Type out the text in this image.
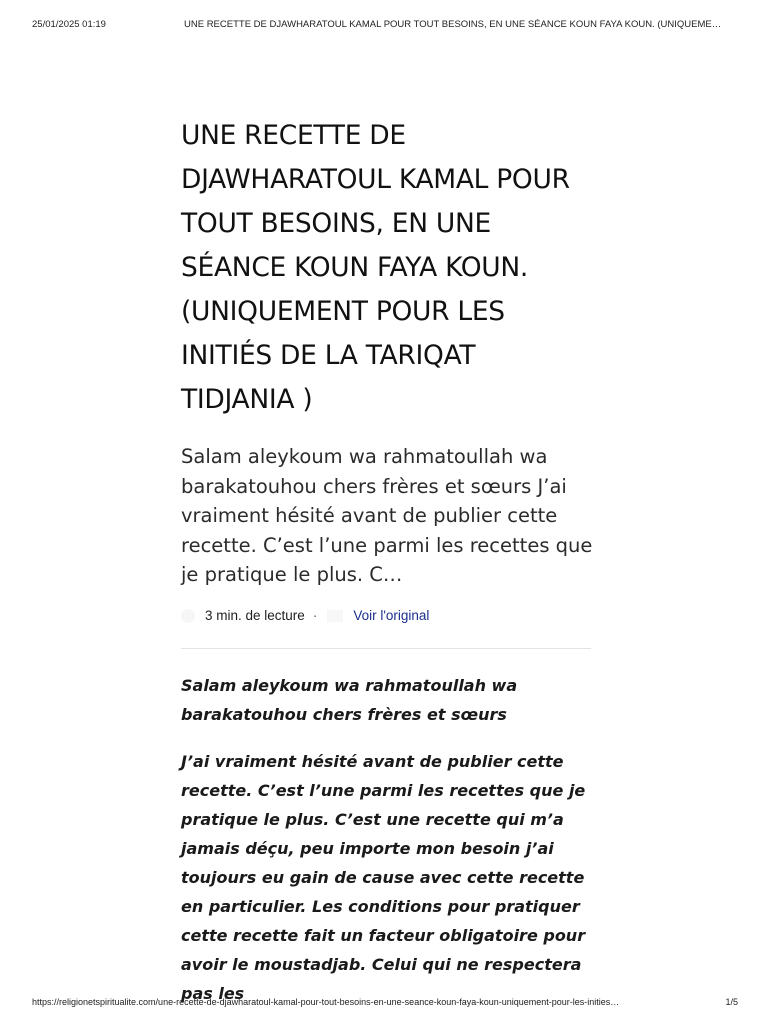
25/01/2025 01:19	UNE RECETTE DE DJAWHARATOUL KAMAL POUR TOUT BESOINS, EN UNE SÉANCE KOUN FAYA KOUN. (UNIQUEME…
UNE RECETTE DE DJAWHARATOUL KAMAL POUR TOUT BESOINS, EN UNE SÉANCE KOUN FAYA KOUN. (UNIQUEMENT POUR LES INITIÉS DE LA TARIQAT TIDJANIA )

Salam aleykoum wa rahmatoullah wa barakatouhou chers frères et sœurs J’ai vraiment hésité avant de publier cette recette. C’est l’une parmi les recettes que je pratique le plus. C…

3 min. de lecture ·	Voir l'original

Salam aleykoum wa rahmatoullah wa barakatouhou chers frères et sœurs

J’ai vraiment hésité avant de publier cette recette. C’est l’une parmi les recettes que je pratique le plus. C’est une recette qui m’a jamais déçu, peu importe mon besoin j’ai toujours eu gain de cause avec cette recette en particulier. Les conditions pour pratiquer cette recette fait un facteur obligatoire pour avoir le moustadjab. Celui qui ne respectera pas les

https://religionetspiritualite.com/une-recette-de-djawharatoul-kamal-pour-tout-besoins-en-une-seance-koun-faya-koun-uniquement-pour-les-inities…	1/5
